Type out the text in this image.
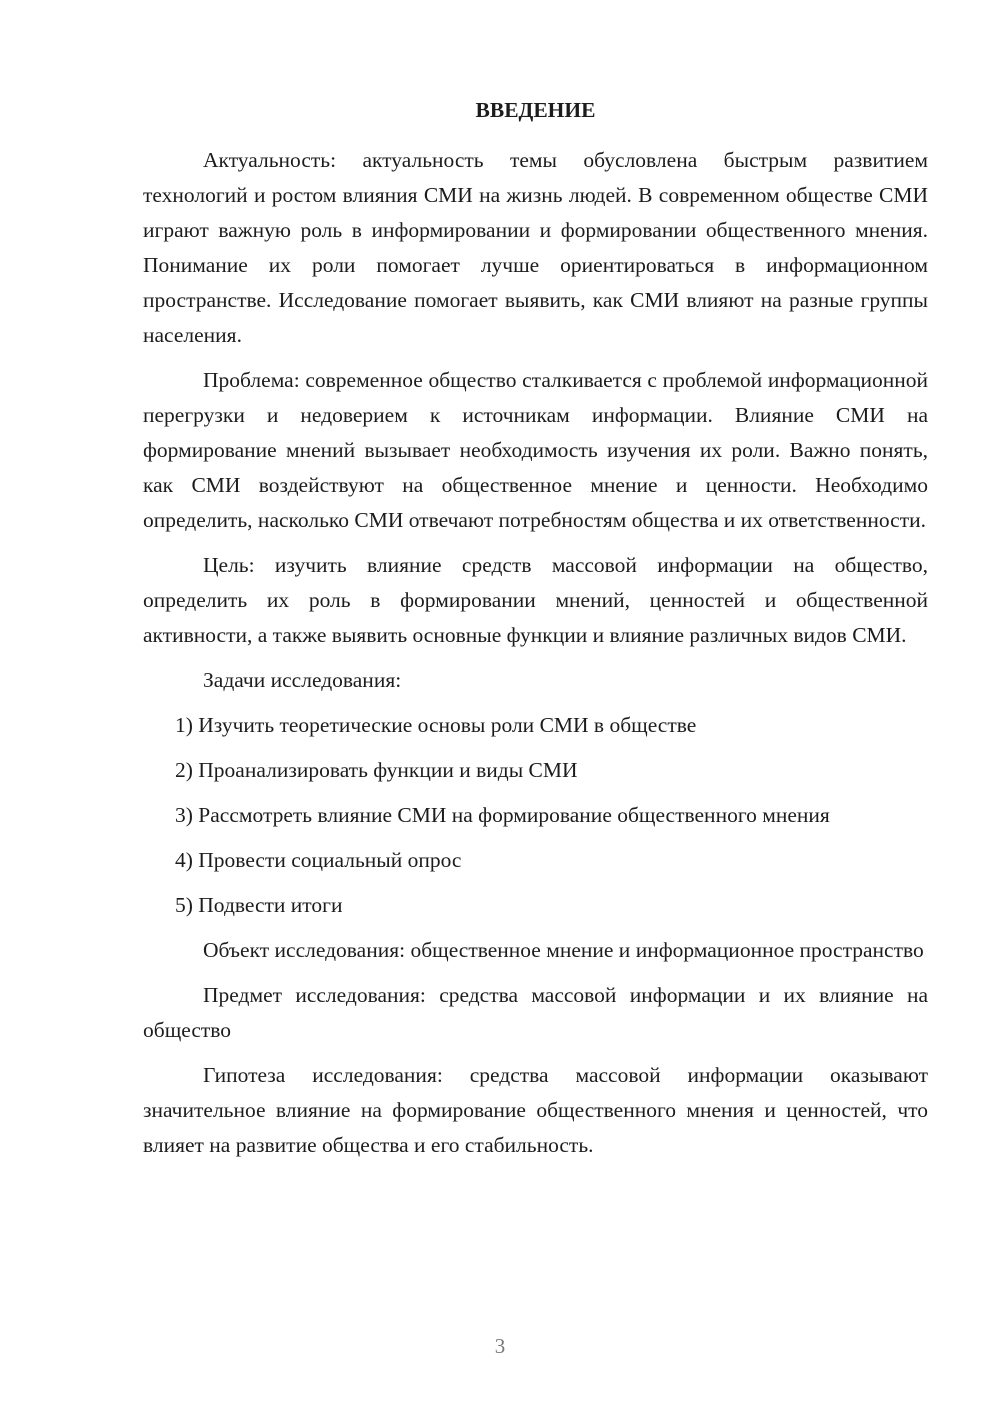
ВВЕДЕНИЕ

Актуальность: актуальность темы обусловлена быстрым развитием технологий и ростом влияния СМИ на жизнь людей. В современном обществе СМИ играют важную роль в информировании и формировании общественного мнения. Понимание их роли помогает лучше ориентироваться в информационном пространстве. Исследование помогает выявить, как СМИ влияют на разные группы населения.

Проблема: современное общество сталкивается с проблемой информационной перегрузки и недоверием к источникам информации. Влияние СМИ на формирование мнений вызывает необходимость изучения их роли. Важно понять, как СМИ воздействуют на общественное мнение и ценности. Необходимо определить, насколько СМИ отвечают потребностям общества и их ответственности.

Цель: изучить влияние средств массовой информации на общество, определить их роль в формировании мнений, ценностей и общественной активности, а также выявить основные функции и влияние различных видов СМИ.

Задачи исследования:

1) Изучить теоретические основы роли СМИ в обществе

2) Проанализировать функции и виды СМИ

3) Рассмотреть влияние СМИ на формирование общественного мнения

4) Провести социальный опрос

5) Подвести итоги

Объект исследования: общественное мнение и информационное пространство

Предмет исследования: средства массовой информации и их влияние на общество

Гипотеза исследования: средства массовой информации оказывают значительное влияние на формирование общественного мнения и ценностей, что влияет на развитие общества и его стабильность.

3
